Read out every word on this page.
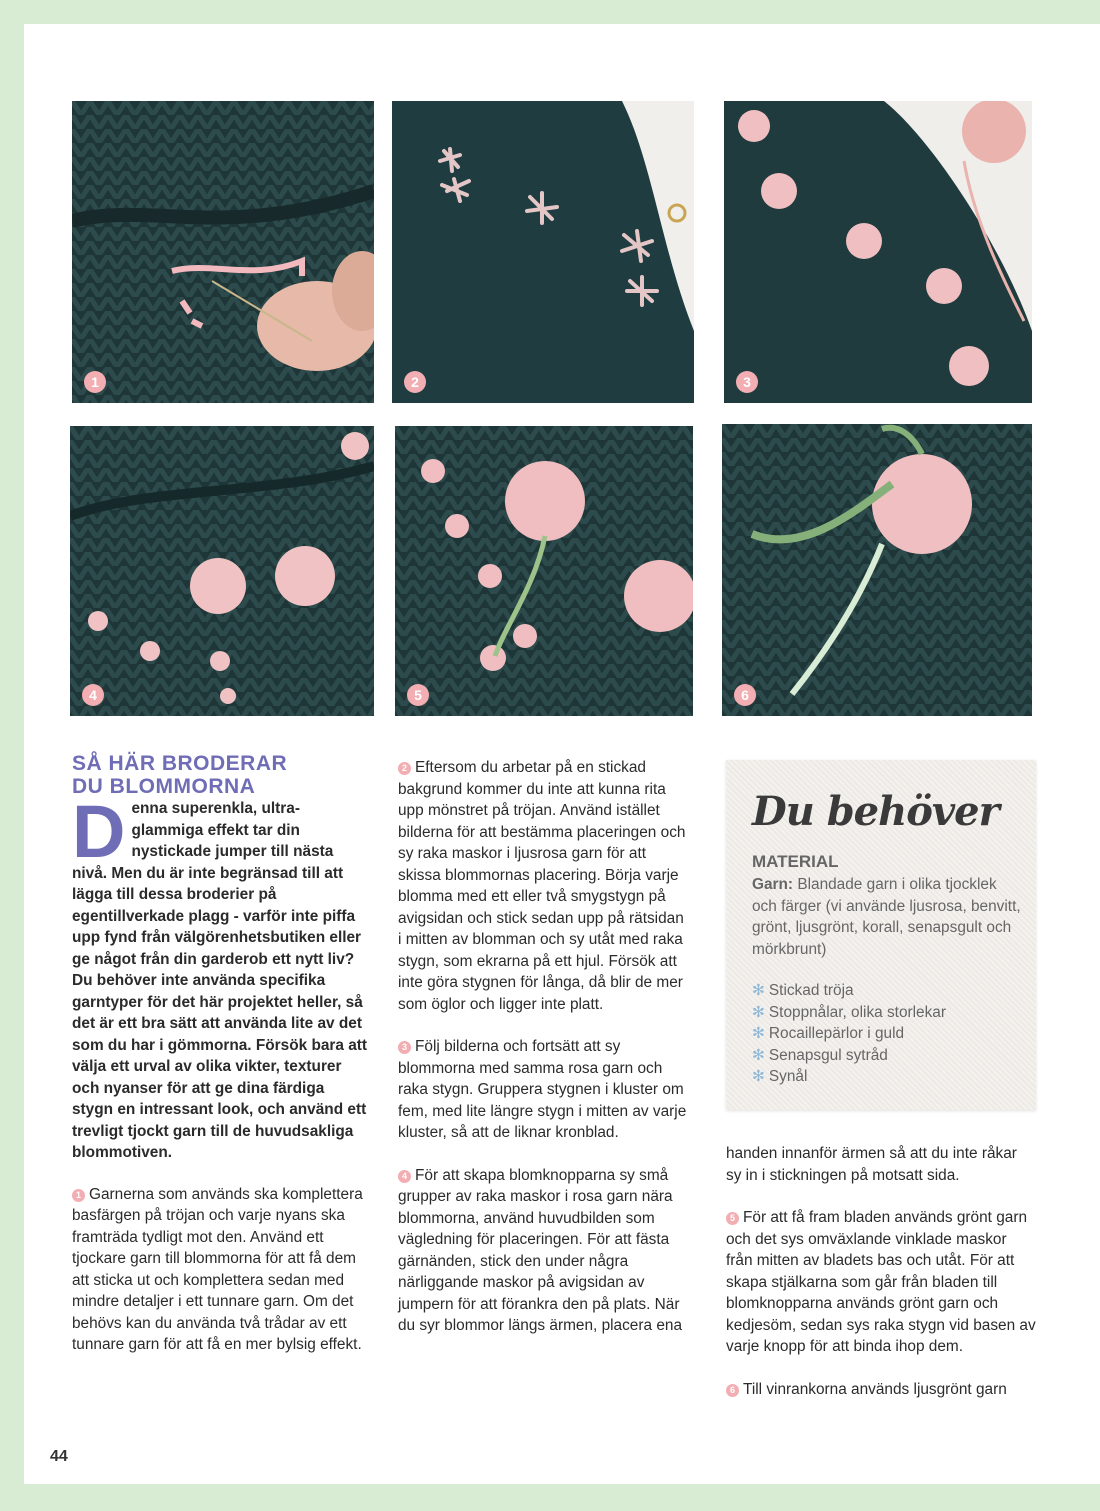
1	2	3
4	5	6
SÅ HÄR BRODERAR
DU BLOMMORNA

Denna superenkla, ultra-glammiga effekt tar din nystickade jumper till nästa nivå. Men du är inte begränsad till att lägga till dessa broderier på egentillverkade plagg - varför inte piffa upp fynd från välgörenhetsbutiken eller ge något från din garderob ett nytt liv? Du behöver inte använda specifika garntyper för det här projektet heller, så det är ett bra sätt att använda lite av det som du har i gömmorna. Försök bara att välja ett urval av olika vikter, texturer och nyanser för att ge dina färdiga stygn en intressant look, och använd ett trevligt tjockt garn till de huvudsakliga blommotiven.

1 Garnerna som används ska komplettera basfärgen på tröjan och varje nyans ska framträda tydligt mot den. Använd ett tjockare garn till blommorna för att få dem att sticka ut och komplettera sedan med mindre detaljer i ett tunnare garn. Om det behövs kan du använda två trådar av ett tunnare garn för att få en mer bylsig effekt.

2 Eftersom du arbetar på en stickad bakgrund kommer du inte att kunna rita upp mönstret på tröjan. Använd istället bilderna för att bestämma placeringen och sy raka maskor i ljusrosa garn för att skissa blommornas placering. Börja varje blomma med ett eller två smygstygn på avigsidan och stick sedan upp på rätsidan i mitten av blomman och sy utåt med raka stygn, som ekrarna på ett hjul. Försök att inte göra stygnen för långa, då blir de mer som öglor och ligger inte platt.

3 Följ bilderna och fortsätt att sy blommorna med samma rosa garn och raka stygn. Gruppera stygnen i kluster om fem, med lite längre stygn i mitten av varje kluster, så att de liknar kronblad.

4 För att skapa blomknopparna sy små grupper av raka maskor i rosa garn nära blommorna, använd huvudbilden som vägledning för placeringen. För att fästa gärnänden, stick den under några närliggande maskor på avigsidan av jumpern för att förankra den på plats. När du syr blommor längs ärmen, placera ena

Du behöver
MATERIAL
Garn: Blandade garn i olika tjocklek och färger (vi använde ljusrosa, benvitt, grönt, ljusgrönt, korall, senapsgult och mörkbrunt)
✻ Stickad tröja
✻ Stoppnålar, olika storlekar
✻ Rocaillepärlor i guld
✻ Senapsgul sytråd
✻ Synål

handen innanför ärmen så att du inte råkar sy in i stickningen på motsatt sida.

5 För att få fram bladen används grönt garn och det sys omväxlande vinklade maskor från mitten av bladets bas och utåt. För att skapa stjälkarna som går från bladen till blomknopparna används grönt garn och kedjesöm, sedan sys raka stygn vid basen av varje knopp för att binda ihop dem.

6 Till vinrankorna används ljusgrönt garn

44
